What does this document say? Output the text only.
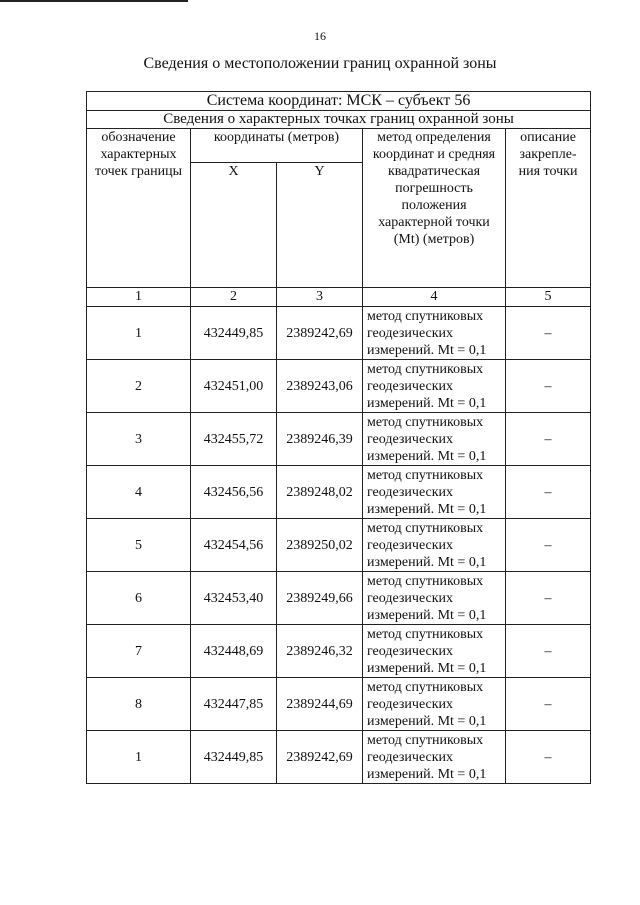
16
Сведения о местоположении границ охранной зоны
Система координат: МСК – субъект 56				
Сведения о характерных точках границ охранной зоны				
обозначение характерных точек границы	координаты (метров)		метод определения координат и средняя квадратическая погрешность положения характерной точки (Mt) (метров)	описание закрепле-ния точки
	X	Y		
1	2	3	4	5
1	432449,85	2389242,69	метод спутниковых геодезических измерений. Mt = 0,1	–
2	432451,00	2389243,06	метод спутниковых геодезических измерений. Mt = 0,1	–
3	432455,72	2389246,39	метод спутниковых геодезических измерений. Mt = 0,1	–
4	432456,56	2389248,02	метод спутниковых геодезических измерений. Mt = 0,1	–
5	432454,56	2389250,02	метод спутниковых геодезических измерений. Mt = 0,1	–
6	432453,40	2389249,66	метод спутниковых геодезических измерений. Mt = 0,1	–
7	432448,69	2389246,32	метод спутниковых геодезических измерений. Mt = 0,1	–
8	432447,85	2389244,69	метод спутниковых геодезических измерений. Mt = 0,1	–
1	432449,85	2389242,69	метод спутниковых геодезических измерений. Mt = 0,1	–
